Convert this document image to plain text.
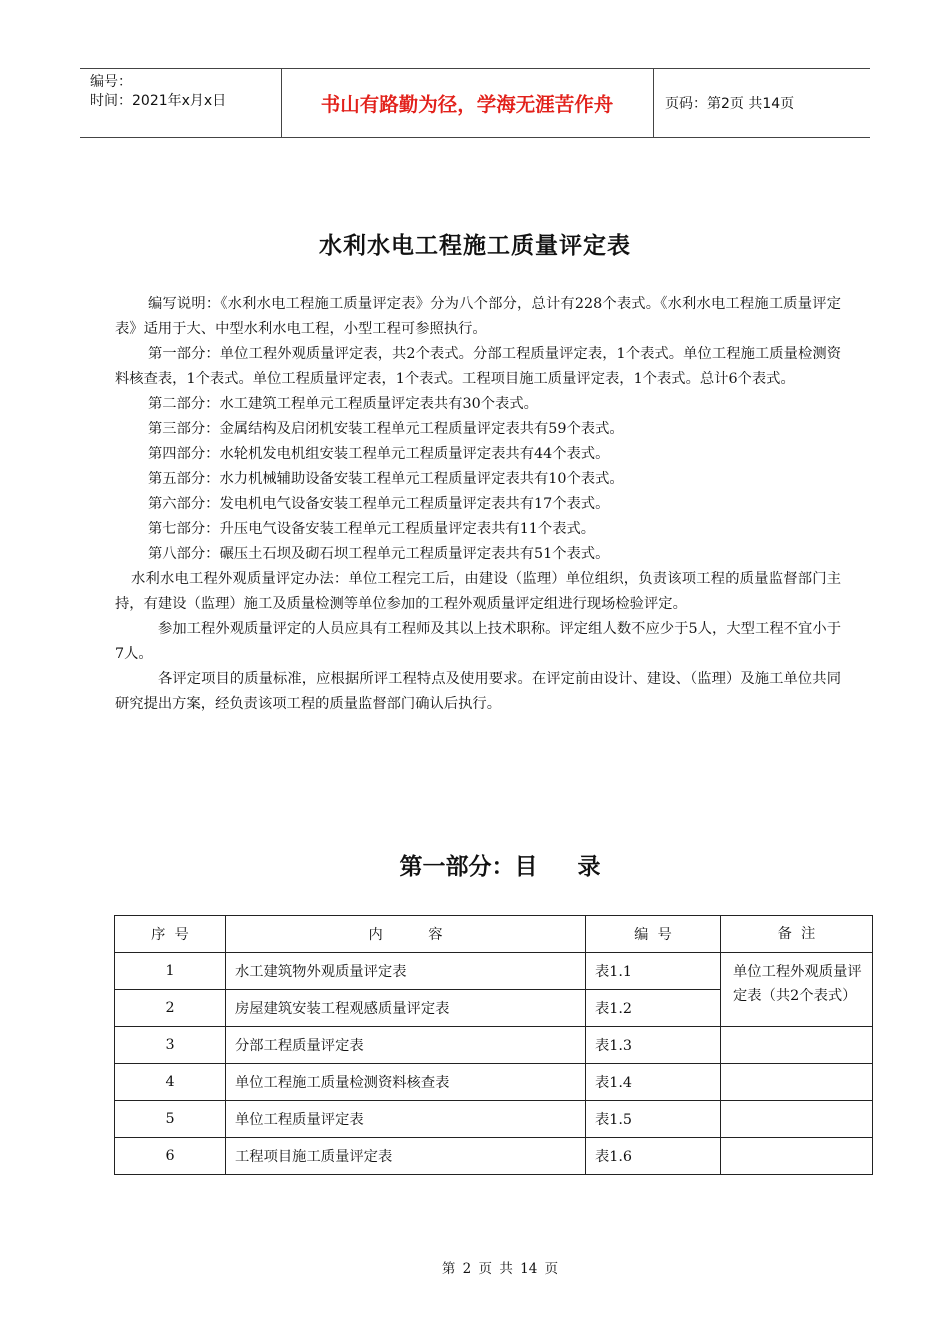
编号：
时间：2021年x月x日	书山有路勤为径，学海无涯苦作舟	页码：第2页 共14页
水利水电工程施工质量评定表

编写说明：《水利水电工程施工质量评定表》分为八个部分，总计有228个表式。《水利水电工程施工质量评定表》适用于大、中型水利水电工程，小型工程可参照执行。

第一部分：单位工程外观质量评定表，共2个表式。分部工程质量评定表，1个表式。单位工程施工质量检测资料核查表，1个表式。单位工程质量评定表，1个表式。工程项目施工质量评定表，1个表式。总计6个表式。

第二部分：水工建筑工程单元工程质量评定表共有30个表式。

第三部分：金属结构及启闭机安装工程单元工程质量评定表共有59个表式。

第四部分：水轮机发电机组安装工程单元工程质量评定表共有44个表式。

第五部分：水力机械辅助设备安装工程单元工程质量评定表共有10个表式。

第六部分：发电机电气设备安装工程单元工程质量评定表共有17个表式。

第七部分：升压电气设备安装工程单元工程质量评定表共有11个表式。

第八部分：碾压土石坝及砌石坝工程单元工程质量评定表共有51个表式。

水利水电工程外观质量评定办法：单位工程完工后，由建设（监理）单位组织，负责该项工程的质量监督部门主持，有建设（监理）施工及质量检测等单位参加的工程外观质量评定组进行现场检验评定。

参加工程外观质量评定的人员应具有工程师及其以上技术职称。评定组人数不应少于5人，大型工程不宜小于7人。

各评定项目的质量标准，应根据所评工程特点及使用要求。在评定前由设计、建设、（监理）及施工单位共同研究提出方案，经负责该项工程的质量监督部门确认后执行。

第一部分：目 录
序  号	内          容	编  号	备  注
1	水工建筑物外观质量评定表	表1.1	单位工程外观质量评定表（共2个表式）

2	房屋建筑安装工程观感质量评定表	表1.2	
3	分部工程质量评定表	表1.3	
4	单位工程施工质量检测资料核查表	表1.4	
5	单位工程质量评定表	表1.5	
6	工程项目施工质量评定表	表1.6	
第 2 页 共 14 页
